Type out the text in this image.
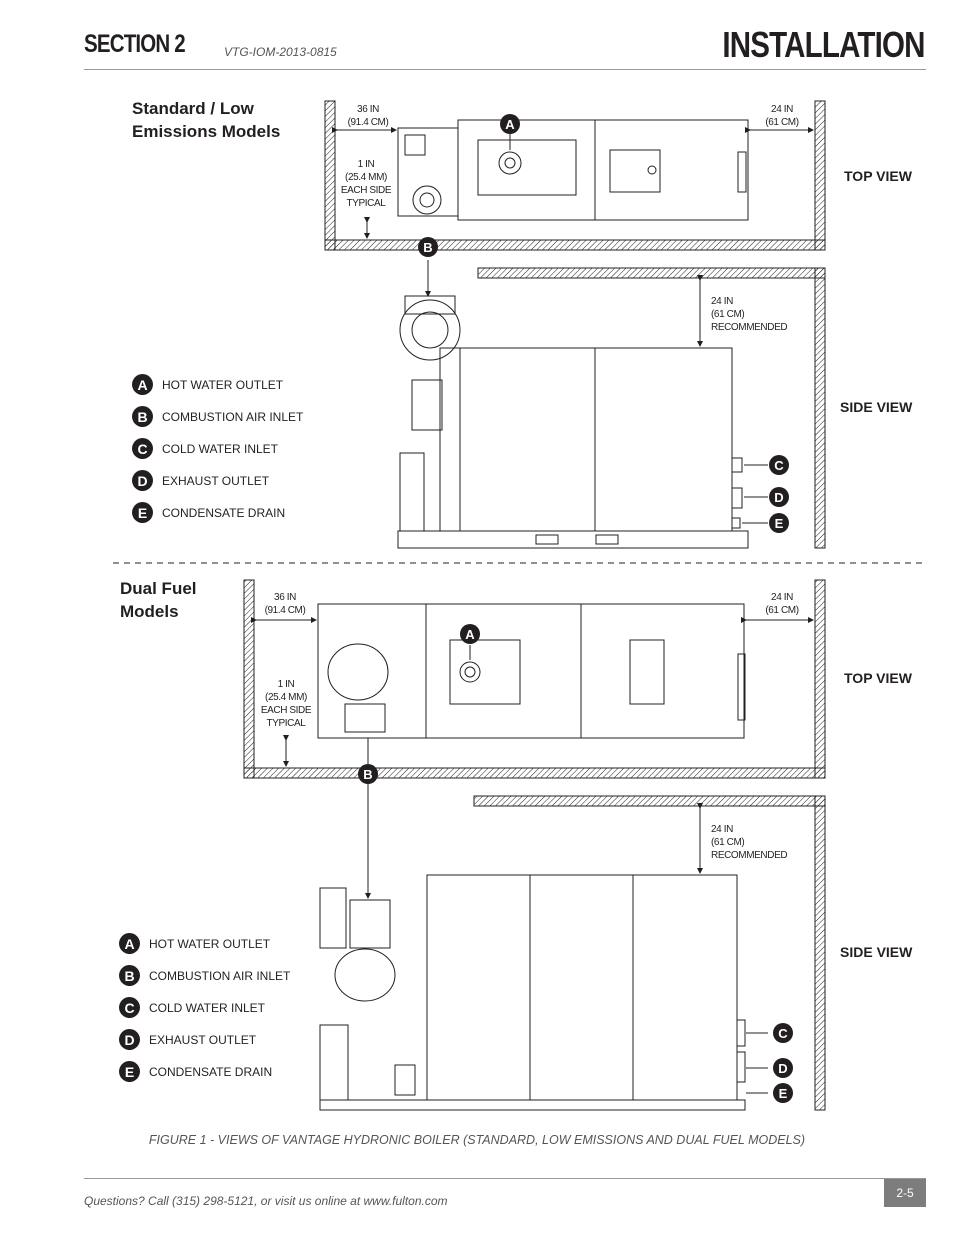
SECTION 2	VTG-IOM-2013-0815	INSTALLATION
A
B
C
D
E
A
B
C
D
E
Standard / Low
Emissions Models
TOP VIEW
SIDE VIEW
36 IN
(91.4 CM)
24 IN
(61 CM)
1 IN
(25.4 MM)
EACH SIDE
TYPICAL
24 IN
(61 CM)
RECOMMENDED
A	HOT WATER OUTLET
B	COMBUSTION AIR INLET
C	COLD WATER INLET
D	EXHAUST OUTLET
E	CONDENSATE DRAIN
Dual Fuel
Models
TOP VIEW
SIDE VIEW
36 IN
(91.4 CM)
24 IN
(61 CM)
1 IN
(25.4 MM)
EACH SIDE
TYPICAL
24 IN
(61 CM)
RECOMMENDED
A	HOT WATER OUTLET
B	COMBUSTION AIR INLET
C	COLD WATER INLET
D	EXHAUST OUTLET
E	CONDENSATE DRAIN
FIGURE 1 - VIEWS OF VANTAGE HYDRONIC BOILER (STANDARD, LOW EMISSIONS AND DUAL FUEL MODELS)
Questions? Call (315) 298-5121, or visit us online at www.fulton.com
2-5
